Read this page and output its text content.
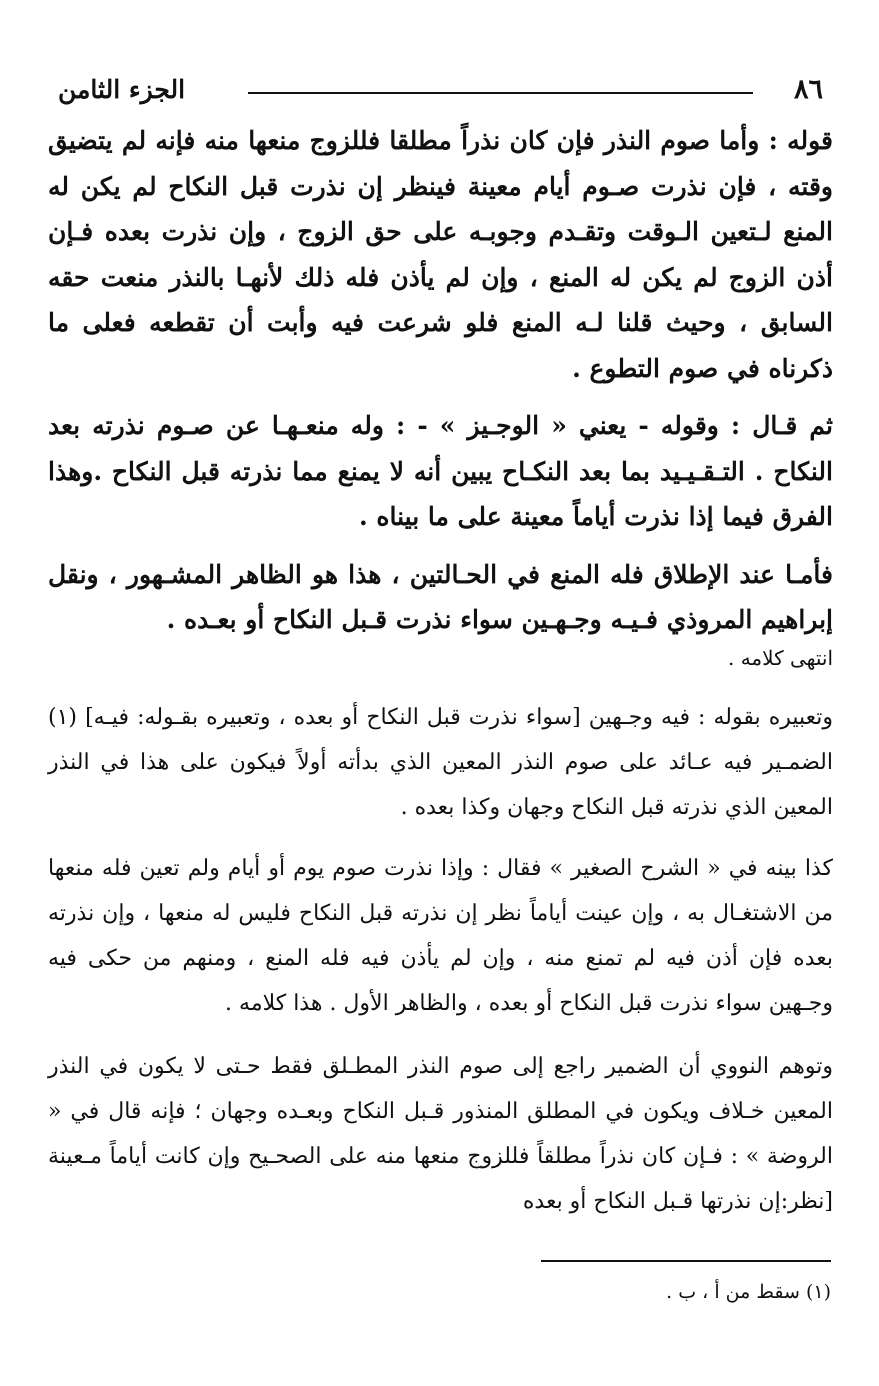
٨٦
الجزء الثامن

قوله : وأما صوم النذر فإن كان نذراً مطلقا فللزوج منعها منه فإنه لم يتضيق وقته ، فإن نذرت صـوم أيام معينة فينظر إن نذرت قبل النكاح لم يكن له المنع لـتعين الـوقت وتقـدم وجوبـه على حق الزوج ، وإن نذرت بعده فـإن أذن الزوج لم يكن له المنع ، وإن لم يأذن فله ذلك لأنهـا بالنذر منعت حقه السابق ، وحيث قلنا لـه المنع فلو شرعت فيه وأبت أن تقطعه فعلى ما ذكرناه في صوم التطوع .

ثم قـال : وقوله - يعني « الوجـيز » - : وله منعـهـا عن صـوم نذرته بعد النكاح . التـقـيـيد بما بعد النكـاح يبين أنه لا يمنع مما نذرته قبل النكاح .وهذا الفرق فيما إذا نذرت أياماً معينة على ما بيناه .

فأمـا عند الإطلاق فله المنع في الحـالتين ، هذا هو الظاهر المشـهور ، ونقل إبراهيم المروذي فـيـه وجـهـين سواء نذرت قـبل النكاح أو بعـده .

انتهى كلامه .

وتعبيره بقوله : فيه وجـهين [سواء نذرت قبل النكاح أو بعده ، وتعبيره بقـوله: فيـه] (١) الضمـير فيه عـائد على صوم النذر المعين الذي بدأته أولاً فيكون على هذا في النذر المعين الذي نذرته قبل النكاح وجهان وكذا بعده .

كذا بينه في « الشرح الصغير » فقال : وإذا نذرت صوم يوم أو أيام ولم تعين فله منعها من الاشتغـال به ، وإن عينت أياماً نظر إن نذرته قبل النكاح فليس له منعها ، وإن نذرته بعده فإن أذن فيه لم تمنع منه ، وإن لم يأذن فيه فله المنع ، ومنهم من حكى فيه وجـهين سواء نذرت قبل النكاح أو بعده ، والظاهر الأول . هذا كلامه .

وتوهم النووي أن الضمير راجع إلى صوم النذر المطـلق فقط حـتى لا يكون في النذر المعين خـلاف ويكون في المطلق المنذور قـبل النكاح وبعـده وجهان ؛ فإنه قال في « الروضة » : فـإن كان نذراً مطلقاً فللزوج منعها منه على الصحـيح وإن كانت أياماً مـعينة [نظر:إن نذرتها قـبل النكاح أو بعده

(١) سقط من أ ، ب .
